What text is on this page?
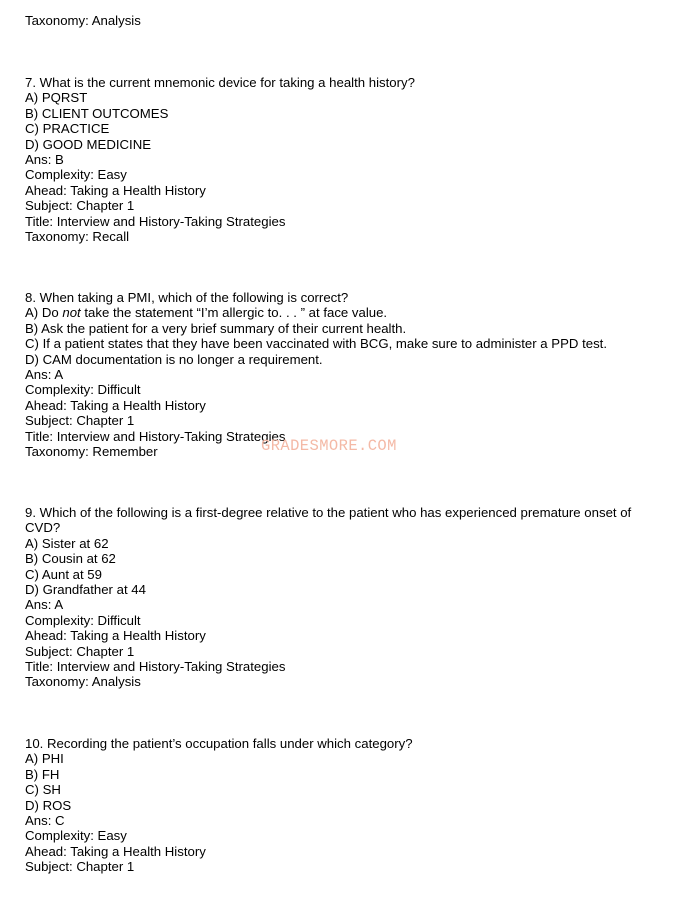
Taxonomy: Analysis
7. What is the current mnemonic device for taking a health history?
A) PQRST
B) CLIENT OUTCOMES
C) PRACTICE
D) GOOD MEDICINE
Ans: B
Complexity: Easy
Ahead: Taking a Health History
Subject: Chapter 1
Title: Interview and History-Taking Strategies
Taxonomy: Recall
8. When taking a PMI, which of the following is correct?
A) Do not take the statement “I’m allergic to. . . ” at face value.
B) Ask the patient for a very brief summary of their current health.
C) If a patient states that they have been vaccinated with BCG, make sure to administer a PPD test.
D) CAM documentation is no longer a requirement.
Ans: A
Complexity: Difficult
Ahead: Taking a Health History
Subject: Chapter 1
Title: Interview and History-Taking Strategies
Taxonomy: Remember	GRADESMORE.COM
9. Which of the following is a first-degree relative to the patient who has experienced premature onset of
CVD?
A) Sister at 62
B) Cousin at 62
C) Aunt at 59
D) Grandfather at 44
Ans: A
Complexity: Difficult
Ahead: Taking a Health History
Subject: Chapter 1
Title: Interview and History-Taking Strategies
Taxonomy: Analysis
10. Recording the patient’s occupation falls under which category?
A) PHI
B) FH
C) SH
D) ROS
Ans: C
Complexity: Easy
Ahead: Taking a Health History
Subject: Chapter 1
